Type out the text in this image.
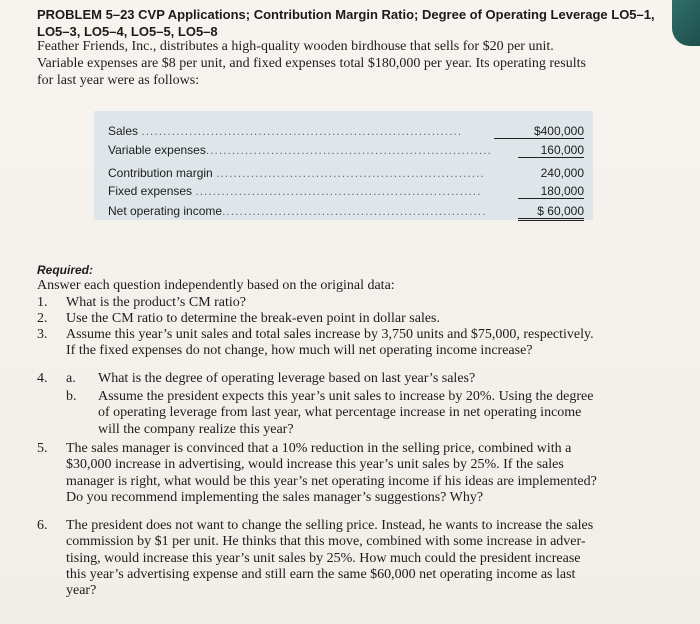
PROBLEM 5–23 CVP Applications; Contribution Margin Ratio; Degree of Operating Leverage LO5–1,
LO5–3, LO5–4, LO5–5, LO5–8
Feather Friends, Inc., distributes a high-quality wooden birdhouse that sells for $20 per unit.
Variable expenses are $8 per unit, and fixed expenses total $180,000 per year. Its operating results
for last year were as follows:
Sales ..........................................................................	$400,000
Variable expenses..................................................................	160,000
Contribution margin ..............................................................	240,000
Fixed expenses ..................................................................	180,000
Net operating income.............................................................	$ 60,000
Required:
Answer each question independently based on the original data:
1. What is the product’s CM ratio?
2. Use the CM ratio to determine the break-even point in dollar sales.
3. Assume this year’s unit sales and total sales increase by 3,750 units and $75,000, respectively.
If the fixed expenses do not change, how much will net operating income increase?
4. a. What is the degree of operating leverage based on last year’s sales?
b. Assume the president expects this year’s unit sales to increase by 20%. Using the degree
of operating leverage from last year, what percentage increase in net operating income
will the company realize this year?
5. The sales manager is convinced that a 10% reduction in the selling price, combined with a
$30,000 increase in advertising, would increase this year’s unit sales by 25%. If the sales
manager is right, what would be this year’s net operating income if his ideas are implemented?
Do you recommend implementing the sales manager’s suggestions? Why?
6. The president does not want to change the selling price. Instead, he wants to increase the sales
commission by $1 per unit. He thinks that this move, combined with some increase in adver-
tising, would increase this year’s unit sales by 25%. How much could the president increase
this year’s advertising expense and still earn the same $60,000 net operating income as last
year?
